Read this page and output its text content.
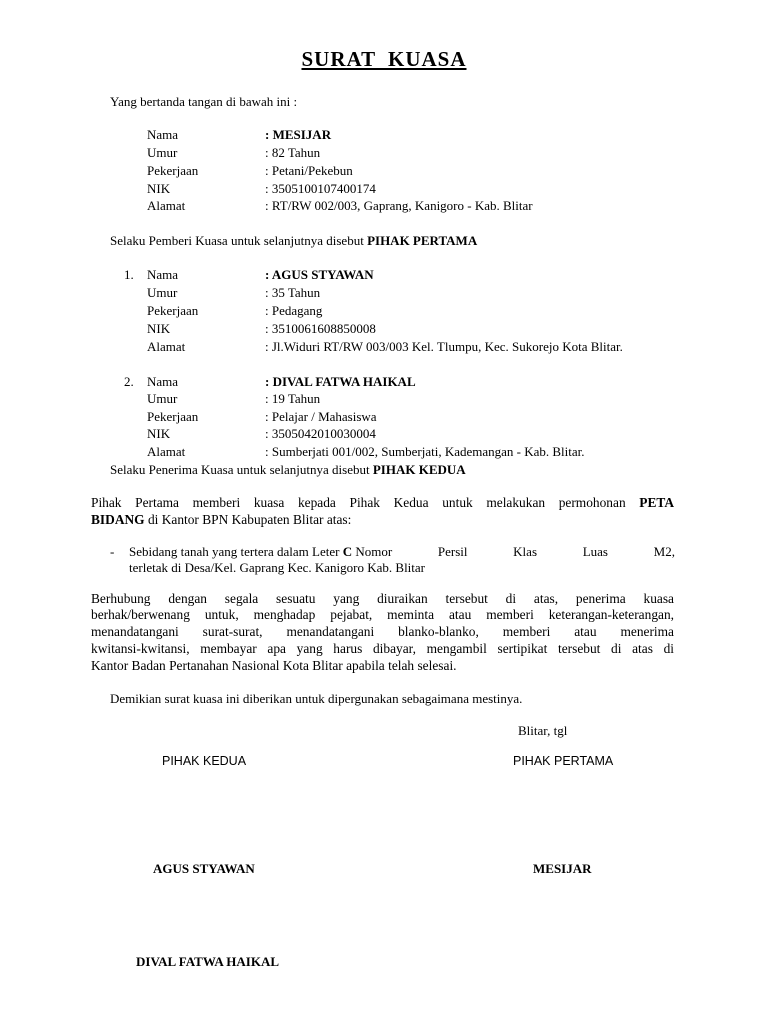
SURAT KUASA
Yang bertanda tangan di bawah ini :
Nama	: MESIJAR
Umur	: 82 Tahun
Pekerjaan	: Petani/Pekebun
NIK	: 3505100107400174
Alamat	: RT/RW 002/003, Gaprang, Kanigoro - Kab. Blitar
Selaku Pemberi Kuasa untuk selanjutnya disebut PIHAK PERTAMA
1. Nama	: AGUS STYAWAN
Umur	: 35 Tahun
Pekerjaan	: Pedagang
NIK	: 3510061608850008
Alamat	: Jl.Widuri RT/RW 003/003 Kel. Tlumpu, Kec. Sukorejo Kota Blitar.
2. Nama	: DIVAL FATWA HAIKAL
Umur	: 19 Tahun
Pekerjaan	: Pelajar / Mahasiswa
NIK	: 3505042010030004
Alamat	: Sumberjati 001/002, Sumberjati, Kademangan - Kab. Blitar.
Selaku Penerima Kuasa untuk selanjutnya disebut PIHAK KEDUA
Pihak Pertama memberi kuasa kepada Pihak Kedua untuk melakukan permohonan PETA
BIDANG di Kantor BPN Kabupaten Blitar atas:
- Sebidang tanah yang tertera dalam Leter C Nomor	Persil	Klas	Luas	M2,
terletak di Desa/Kel. Gaprang Kec. Kanigoro Kab. Blitar
Berhubung dengan segala sesuatu yang diuraikan tersebut di atas, penerima kuasa
berhak/berwenang untuk, menghadap pejabat, meminta atau memberi keterangan-keterangan,
menandatangani surat-surat, menandatangani blanko-blanko, memberi atau menerima
kwitansi-kwitansi, membayar apa yang harus dibayar, mengambil sertipikat tersebut di atas di
Kantor Badan Pertanahan Nasional Kota Blitar apabila telah selesai.
Demikian surat kuasa ini diberikan untuk dipergunakan sebagaimana mestinya.
Blitar, tgl
PIHAK KEDUA	PIHAK PERTAMA
AGUS STYAWAN	MESIJAR
DIVAL FATWA HAIKAL
